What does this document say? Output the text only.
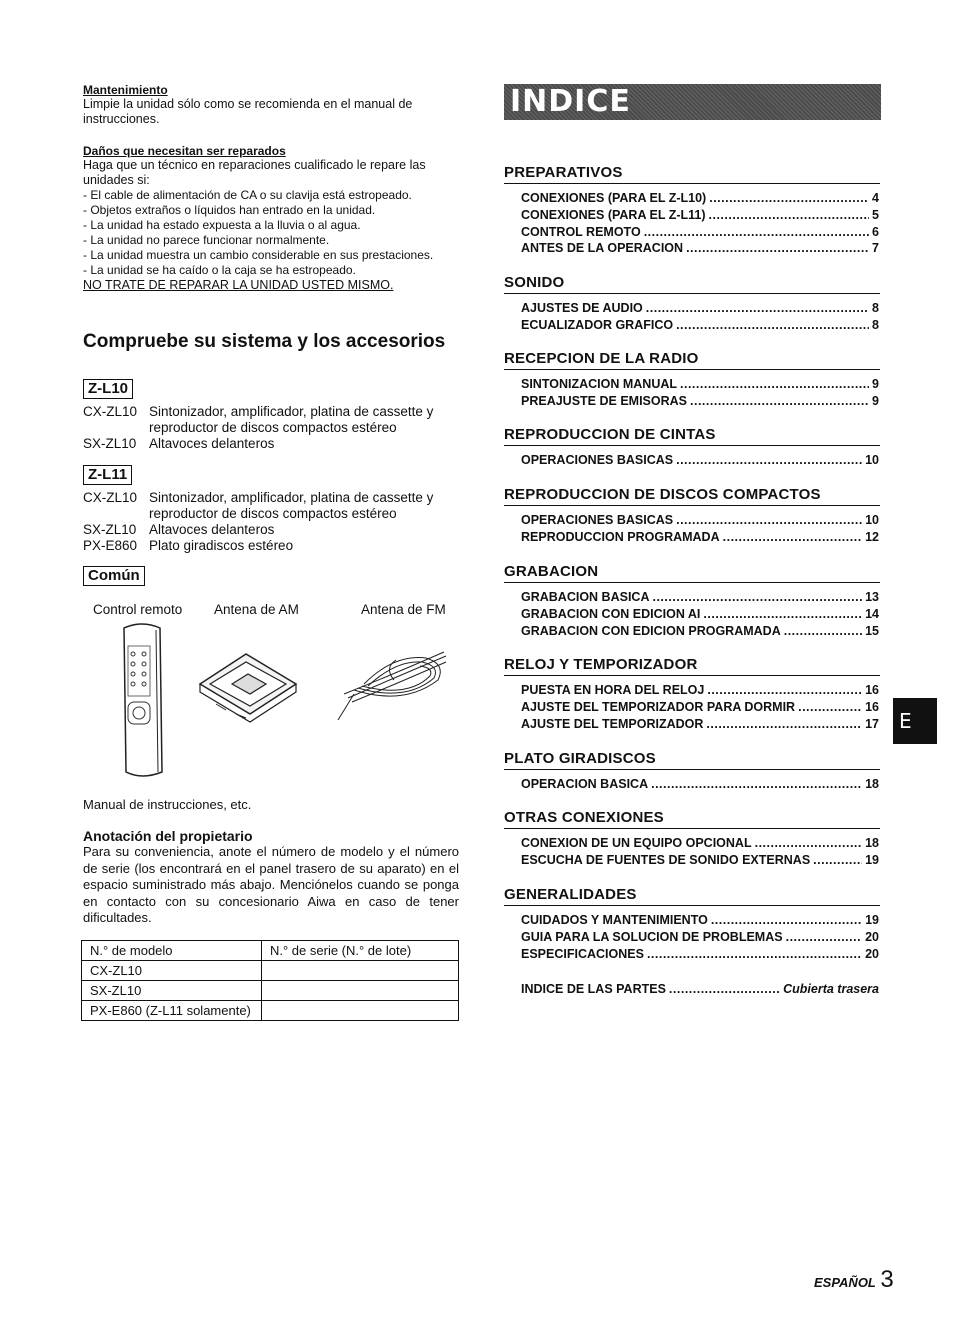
Mantenimiento
Limpie la unidad sólo como se recomienda en el manual de instrucciones.
Daños que necesitan ser reparados
Haga que un técnico en reparaciones cualificado le repare las unidades si:
- El cable de alimentación de CA o su clavija está estropeado.
- Objetos extraños o líquidos han entrado en la unidad.
- La unidad ha estado expuesta a la lluvia o al agua.
- La unidad no parece funcionar normalmente.
- La unidad muestra un cambio considerable en sus prestaciones.
- La unidad se ha caído o la caja se ha estropeado.
NO TRATE DE REPARAR LA UNIDAD USTED MISMO.
Compruebe su sistema y los accesorios
Z-L10
CX-ZL10 Sintonizador, amplificador, platina de cassette y reproductor de discos compactos estéreo
SX-ZL10 Altavoces delanteros
Z-L11
CX-ZL10 Sintonizador, amplificador, platina de cassette y reproductor de discos compactos estéreo
SX-ZL10 Altavoces delanteros
PX-E860 Plato giradiscos estéreo
Común
Control remoto Antena de AM	Antena de FM
Manual de instrucciones, etc.
Anotación del propietario
Para su conveniencia, anote el número de modelo y el número de serie (los encontrará en el panel trasero de su aparato) en el espacio suministrado más abajo. Menciónelos cuando se ponga en contacto con su concesionario Aiwa en caso de tener dificultades.
N.° de modelo	N.° de serie (N.° de lote)
CX-ZL10	
SX-ZL10	
PX-E860 (Z-L11 solamente)	
INDICE
PREPARATIVOS
CONEXIONES (PARA EL Z-L10) .....	4
CONEXIONES (PARA EL Z-L11) .....	5
CONTROL REMOTO .....	6
ANTES DE LA OPERACION .....	7
SONIDO
AJUSTES DE AUDIO .....	8
ECUALIZADOR GRAFICO .....	8
RECEPCION DE LA RADIO
SINTONIZACION MANUAL .....	9
PREAJUSTE DE EMISORAS .....	9
REPRODUCCION DE CINTAS
OPERACIONES BASICAS .....	10
REPRODUCCION DE DISCOS COMPACTOS
OPERACIONES BASICAS .....	10
REPRODUCCION PROGRAMADA .....	12
GRABACION
GRABACION BASICA .....	13
GRABACION CON EDICION AI .....	14
GRABACION CON EDICION PROGRAMADA .....	15
RELOJ Y TEMPORIZADOR
PUESTA EN HORA DEL RELOJ .....	16
AJUSTE DEL TEMPORIZADOR PARA DORMIR .....	16
AJUSTE DEL TEMPORIZADOR .....	17
PLATO GIRADISCOS
OPERACION BASICA .....	18
OTRAS CONEXIONES
CONEXION DE UN EQUIPO OPCIONAL .....	18
ESCUCHA DE FUENTES DE SONIDO EXTERNAS .....	19
GENERALIDADES
CUIDADOS Y MANTENIMIENTO .....	19
GUIA PARA LA SOLUCION DE PROBLEMAS .....	20
ESPECIFICACIONES .....	20
INDICE DE LAS PARTES .....	Cubierta trasera
E
ESPAÑOL 3
